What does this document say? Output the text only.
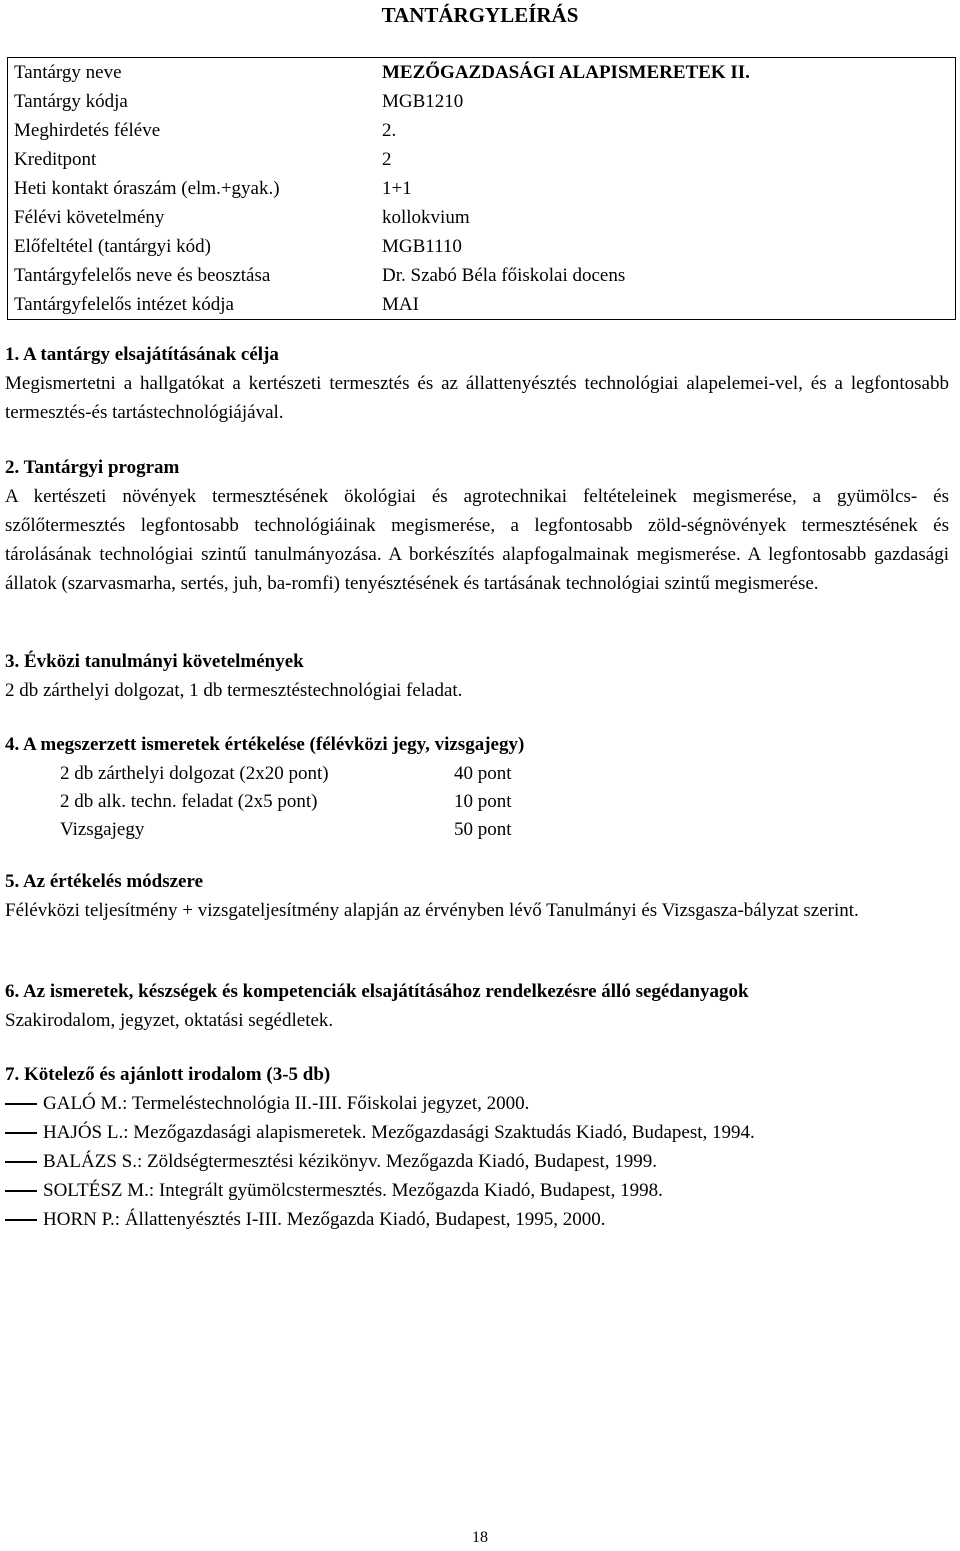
TANTÁRGYLEÍRÁS
Tantárgy neve	MEZŐGAZDASÁGI ALAPISMERETEK II.
Tantárgy kódja	MGB1210
Meghirdetés féléve	2.
Kreditpont	2
Heti kontakt óraszám (elm.+gyak.)	1+1
Félévi követelmény	kollokvium
Előfeltétel (tantárgyi kód)	MGB1110
Tantárgyfelelős neve és beosztása	Dr. Szabó Béla főiskolai docens
Tantárgyfelelős intézet kódja	MAI

1. A tantárgy elsajátításának célja

Megismertetni a hallgatókat a kertészeti termesztés és az állattenyésztés technológiai alapelemei-vel, és a legfontosabb termesztés-és tartástechnológiájával.

2. Tantárgyi program

A kertészeti növények termesztésének ökológiai és agrotechnikai feltételeinek megismerése, a gyümölcs- és szőlőtermesztés legfontosabb technológiáinak megismerése, a legfontosabb zöld-ségnövények termesztésének és tárolásának technológiai szintű tanulmányozása. A borkészítés alapfogalmainak megismerése. A legfontosabb gazdasági állatok (szarvasmarha, sertés, juh, ba-romfi) tenyésztésének és tartásának technológiai szintű megismerése.

3. Évközi tanulmányi követelmények

2 db zárthelyi dolgozat, 1 db termesztéstechnológiai feladat.

4. A megszerzett ismeretek értékelése (félévközi jegy, vizsgajegy)

2 db zárthelyi dolgozat (2x20 pont)	40 pont
2 db alk. techn. feladat (2x5 pont)	10 pont
Vizsgajegy	50 pont

5. Az értékelés módszere

Félévközi teljesítmény + vizsgateljesítmény alapján az érvényben lévő Tanulmányi és Vizsgasza-bályzat szerint.

6. Az ismeretek, készségek és kompetenciák elsajátításához rendelkezésre álló segédanyagok

Szakirodalom, jegyzet, oktatási segédletek.

7. Kötelező és ajánlott irodalom (3-5 db)

GALÓ M.: Termeléstechnológia II.-III. Főiskolai jegyzet, 2000.
HAJÓS L.: Mezőgazdasági alapismeretek. Mezőgazdasági Szaktudás Kiadó, Budapest, 1994.
BALÁZS S.: Zöldségtermesztési kézikönyv. Mezőgazda Kiadó, Budapest, 1999.
SOLTÉSZ M.: Integrált gyümölcstermesztés. Mezőgazda Kiadó, Budapest, 1998.
HORN P.: Állattenyésztés I-III. Mezőgazda Kiadó, Budapest, 1995, 2000.
18
